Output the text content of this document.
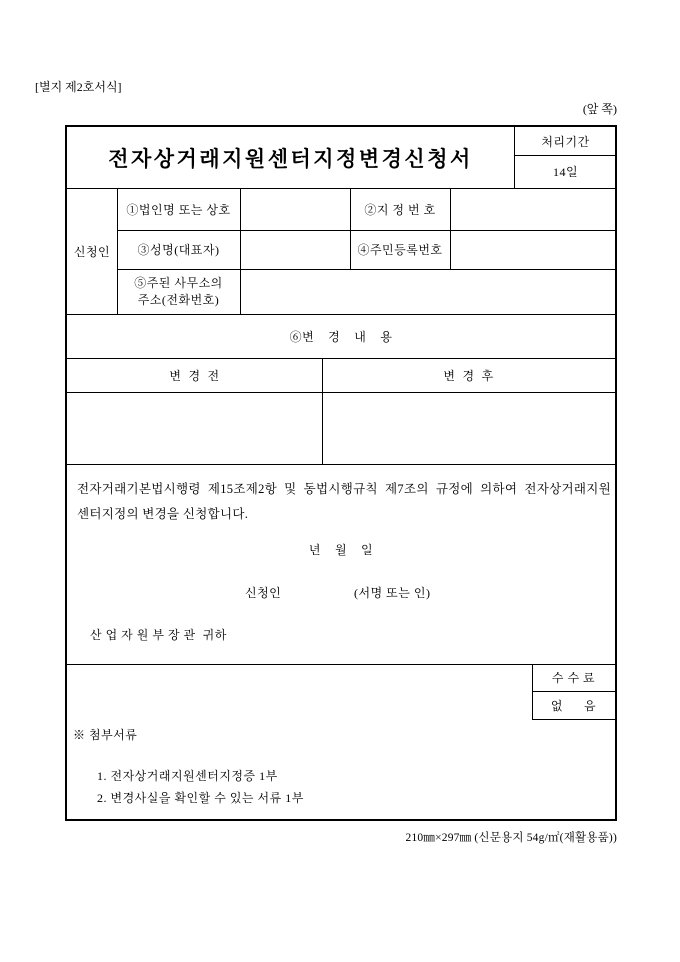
[별지 제2호서식]
(앞 쪽)
전자상거래지원센터지정변경신청서
처리기간
14일
신청인
①법인명 또는 상호	②지 정 번 호
③성명(대표자)	④주민등록번호
⑤주된 사무소의
주소(전화번호)
⑥변    경    내    용
변  경  전	변  경  후
전자거래기본법시행령 제15조제2항 및 동법시행규칙 제7조의 규정에 의하여 전자상거래지원
센터지정의 변경을 신청합니다.
년    월    일
신청인	(서명 또는 인)
산 업 자 원 부 장 관  귀하
수 수 료
없      음
※ 첨부서류
1. 전자상거래지원센터지정증 1부
2. 변경사실을 확인할 수 있는 서류 1부
210㎜×297㎜ (신문용지 54g/㎡(재활용품))
